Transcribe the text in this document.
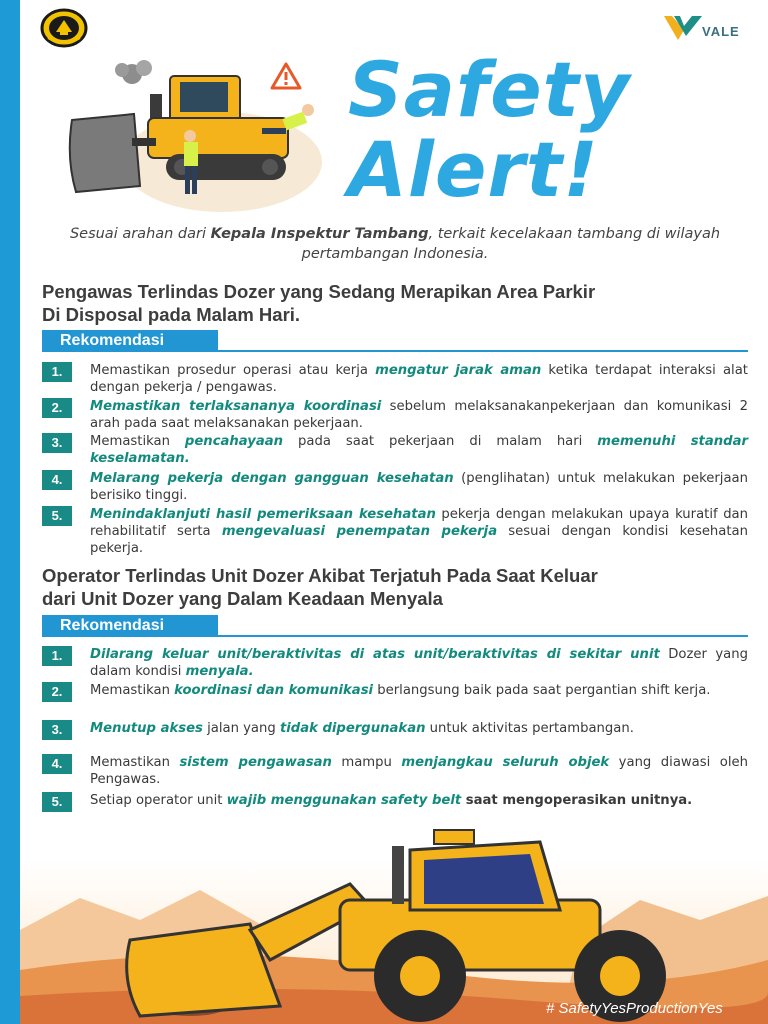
VALE
Safety
Alert!
Sesuai arahan dari Kepala Inspektur Tambang, terkait kecelakaan tambang di wilayah pertambangan Indonesia.
Pengawas Terlindas Dozer yang Sedang Merapikan Area Parkir
Di Disposal pada Malam Hari.
Rekomendasi
1.	Memastikan prosedur operasi atau kerja mengatur jarak aman ketika terdapat interaksi alat dengan pekerja / pengawas.
2.	Memastikan terlaksananya koordinasi sebelum melaksanakanpekerjaan dan komunikasi 2 arah pada saat melaksanakan pekerjaan.
3.	Memastikan pencahayaan pada saat pekerjaan di malam hari memenuhi standar keselamatan.
4.	Melarang pekerja dengan gangguan kesehatan (penglihatan) untuk melakukan pekerjaan berisiko tinggi.
5.	Menindaklanjuti hasil pemeriksaan kesehatan pekerja dengan melakukan upaya kuratif dan rehabilitatif serta mengevaluasi penempatan pekerja sesuai dengan kondisi kesehatan pekerja.
Operator Terlindas Unit Dozer Akibat Terjatuh Pada Saat Keluar
dari Unit Dozer yang Dalam Keadaan Menyala
Rekomendasi
1.	Dilarang keluar unit/beraktivitas di atas unit/beraktivitas di sekitar unit Dozer yang dalam kondisi menyala.
2.	Memastikan koordinasi dan komunikasi berlangsung baik pada saat pergantian shift kerja.
3.	Menutup akses jalan yang tidak dipergunakan untuk aktivitas pertambangan.
4.	Memastikan sistem pengawasan mampu menjangkau seluruh objek yang diawasi oleh Pengawas.
5.	Setiap operator unit wajib menggunakan safety belt saat mengoperasikan unitnya.
# SafetyYesProductionYes
